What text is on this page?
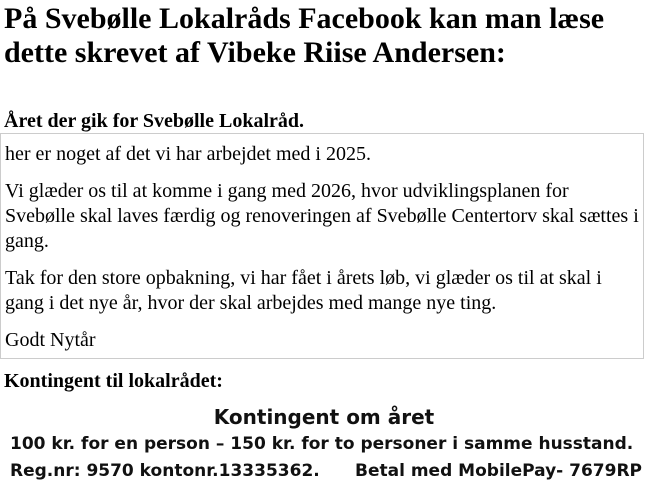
På Svebølle Lokalråds Facebook kan man læse dette skrevet af Vibeke Riise Andersen:
Året der gik for Svebølle Lokalråd.

her er noget af det vi har arbejdet med i 2025.

Vi glæder os til at komme i gang med 2026, hvor udviklingsplanen for Svebølle skal laves færdig og renoveringen af Svebølle Centertorv skal sættes i gang.

Tak for den store opbakning, vi har fået i årets løb, vi glæder os til at skal i gang i det nye år, hvor der skal arbejdes med mange nye ting.

Godt Nytår

Kontingent til lokalrådet:
Kontingent om året
100 kr. for en person – 150 kr. for to personer i samme husstand.
Reg.nr: 9570 kontonr.13335362. Betal med MobilePay- 7679RP
